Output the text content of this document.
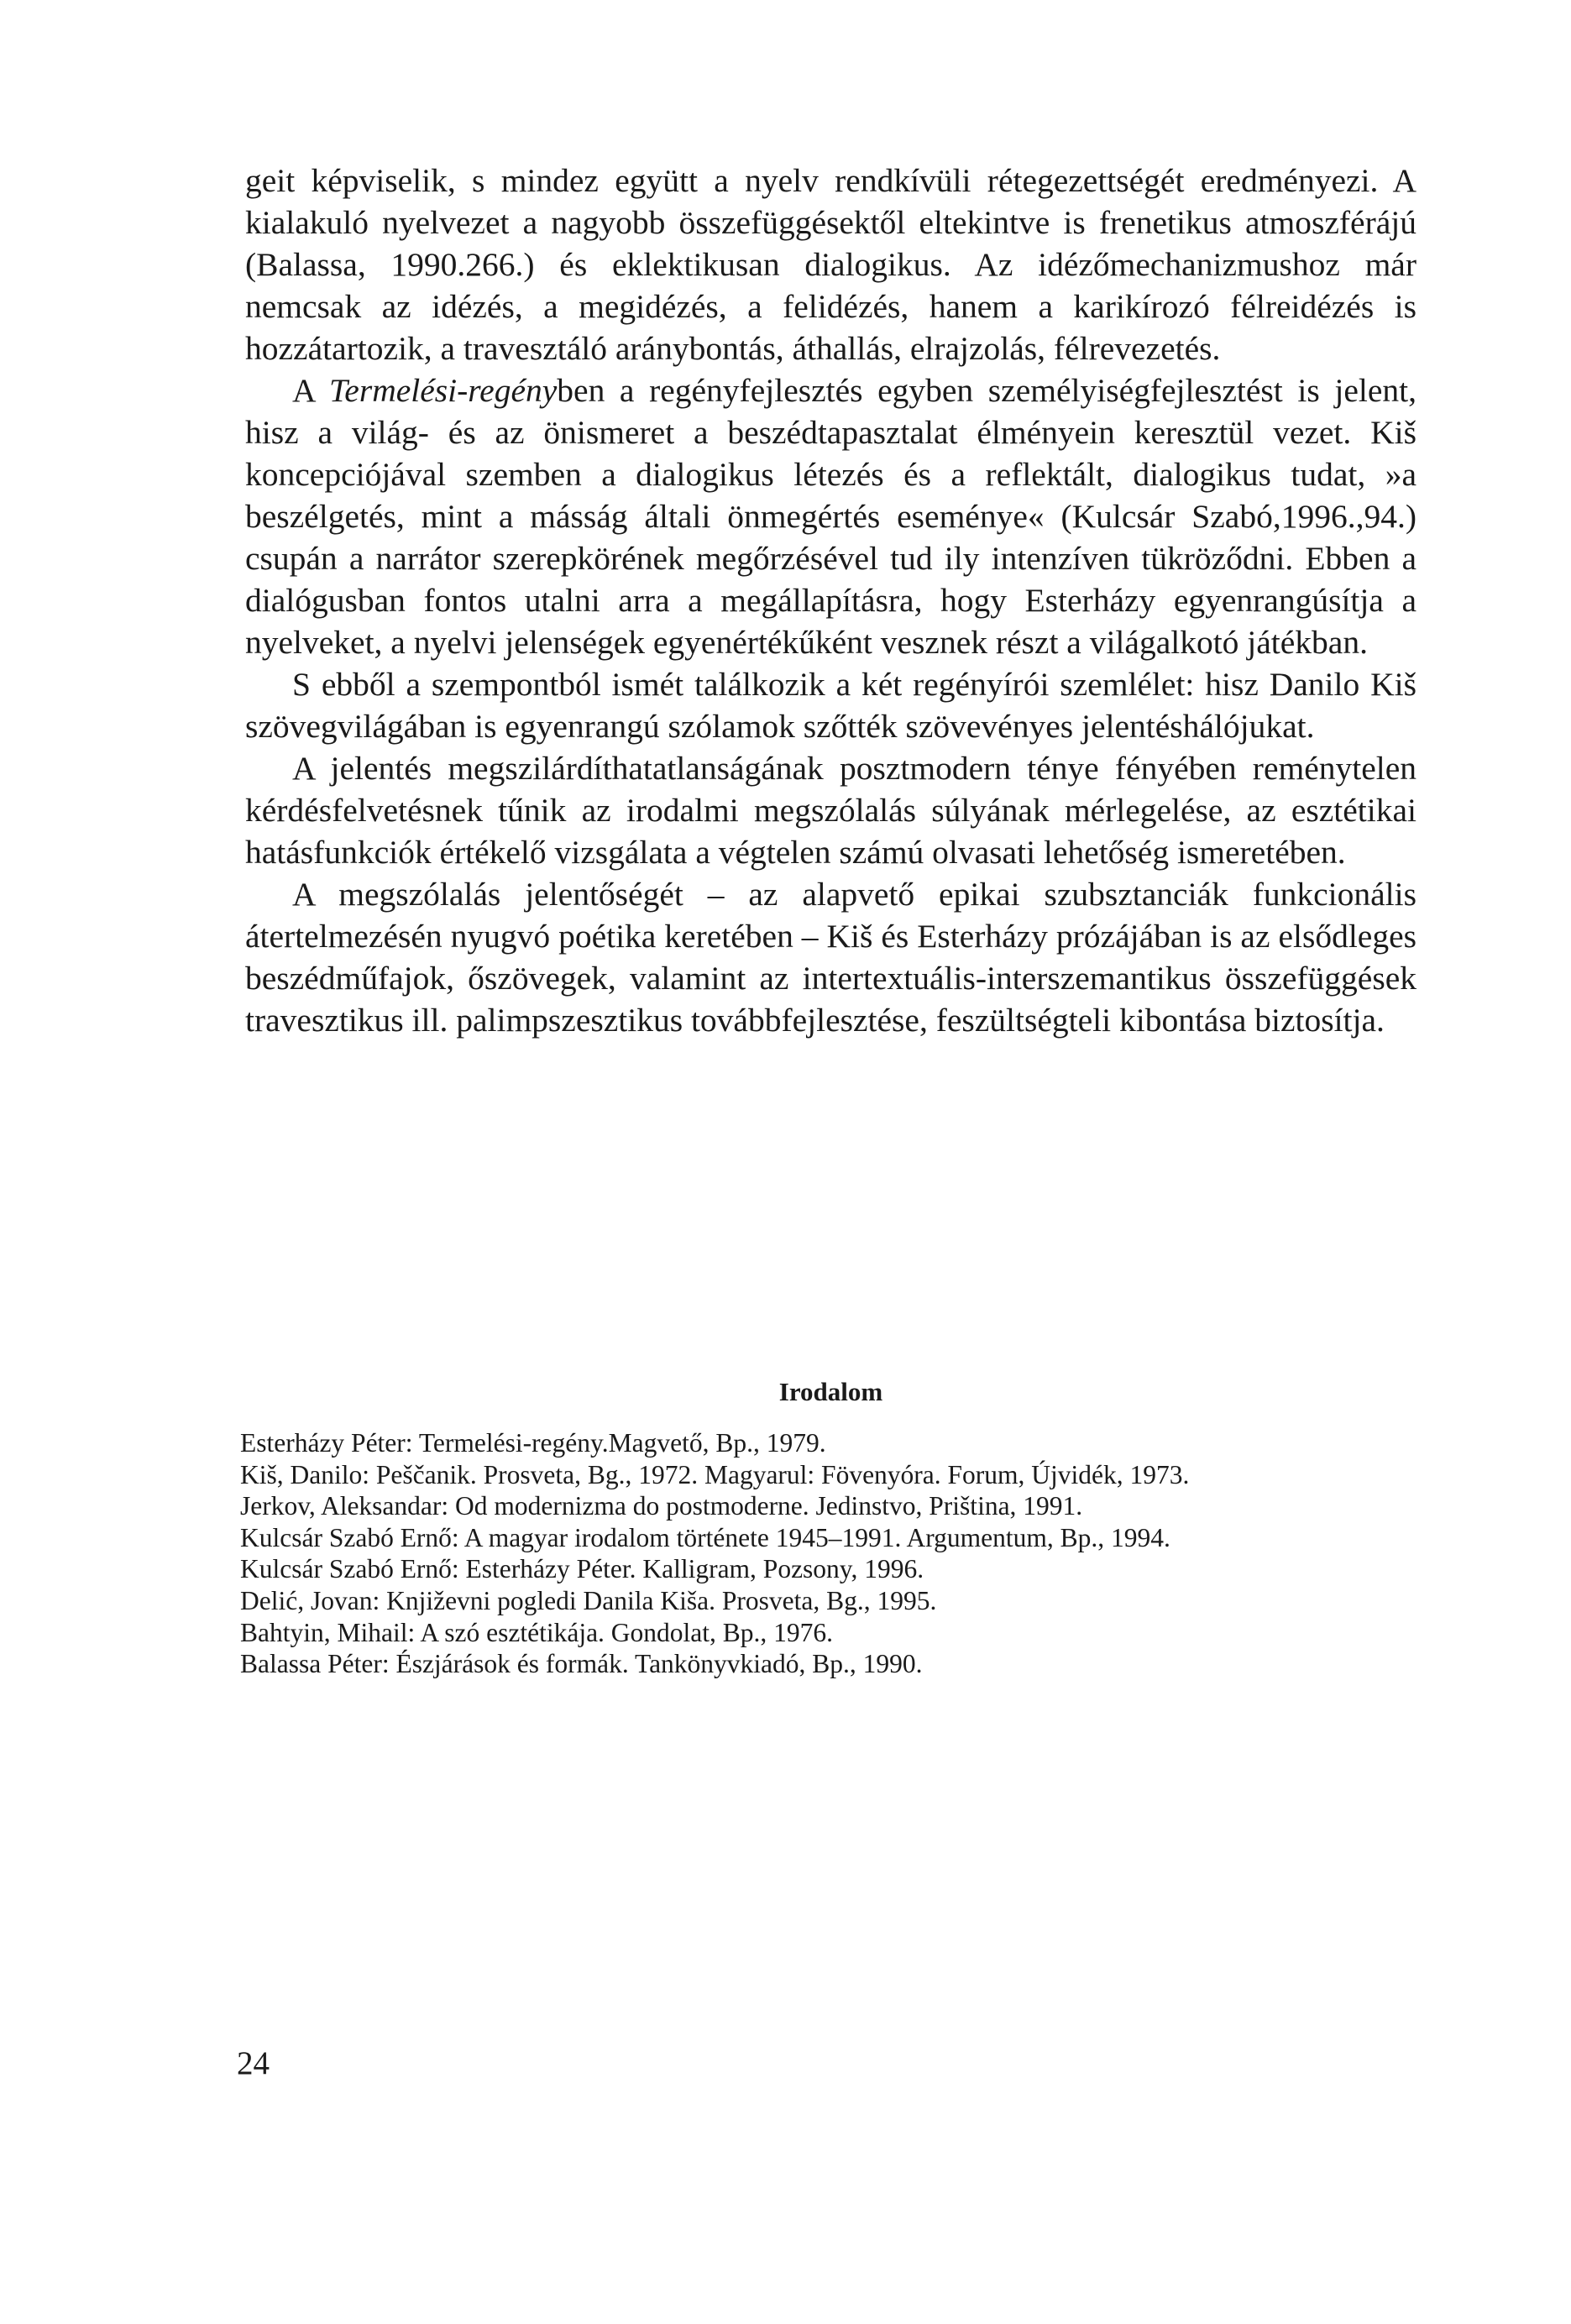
geit képviselik, s mindez együtt a nyelv rendkívüli rétegezettségét eredményezi. A kialakuló nyelvezet a nagyobb összefüggésektől eltekintve is frenetikus atmoszférájú (Balassa, 1990.266.) és eklektikusan dialogikus. Az idézőmechanizmushoz már nemcsak az idézés, a megidézés, a felidézés, hanem a karikírozó félreidézés is hozzátartozik, a travesztáló aránybontás, áthallás, elrajzolás, félrevezetés.

A Termelési-regényben a regényfejlesztés egyben személyiségfejlesztést is jelent, hisz a világ- és az önismeret a beszédtapasztalat élményein keresztül vezet. Kiš koncepciójával szemben a dialogikus létezés és a reflektált, dialogikus tudat, »a beszélgetés, mint a másság általi önmegértés eseménye« (Kulcsár Szabó,1996.,94.) csupán a narrátor szerepkörének megőrzésével tud ily intenzíven tükröződni. Ebben a dialógusban fontos utalni arra a megállapításra, hogy Esterházy egyenrangúsítja a nyelveket, a nyelvi jelenségek egyenértékűként vesznek részt a világalkotó játékban.

S ebből a szempontból ismét találkozik a két regényírói szemlélet: hisz Danilo Kiš szövegvilágában is egyenrangú szólamok szőtték szövevényes jelentéshálójukat.

A jelentés megszilárdíthatatlanságának posztmodern ténye fényében reménytelen kérdésfelvetésnek tűnik az irodalmi megszólalás súlyának mérlegelése, az esztétikai hatásfunkciók értékelő vizsgálata a végtelen számú olvasati lehetőség ismeretében.

A megszólalás jelentőségét – az alapvető epikai szubsztanciák funkcionális átertelmezésén nyugvó poétika keretében – Kiš és Esterházy prózájában is az elsődleges beszédműfajok, őszövegek, valamint az intertextuális-interszemantikus összefüggések travesztikus ill. palimpszesztikus továbbfejlesztése, feszültségteli kibontása biztosítja.

Irodalom
Esterházy Péter: Termelési-regény.Magvető, Bp., 1979.
Kiš, Danilo: Peščanik. Prosveta, Bg., 1972. Magyarul: Fövenyóra. Forum, Újvidék, 1973.
Jerkov, Aleksandar: Od modernizma do postmoderne. Jedinstvo, Priština, 1991.
Kulcsár Szabó Ernő: A magyar irodalom története 1945–1991. Argumentum, Bp., 1994.
Kulcsár Szabó Ernő: Esterházy Péter. Kalligram, Pozsony, 1996.
Delić, Jovan: Književni pogledi Danila Kiša. Prosveta, Bg., 1995.
Bahtyin, Mihail: A szó esztétikája. Gondolat, Bp., 1976.
Balassa Péter: Észjárások és formák. Tankönyvkiadó, Bp., 1990.
24
